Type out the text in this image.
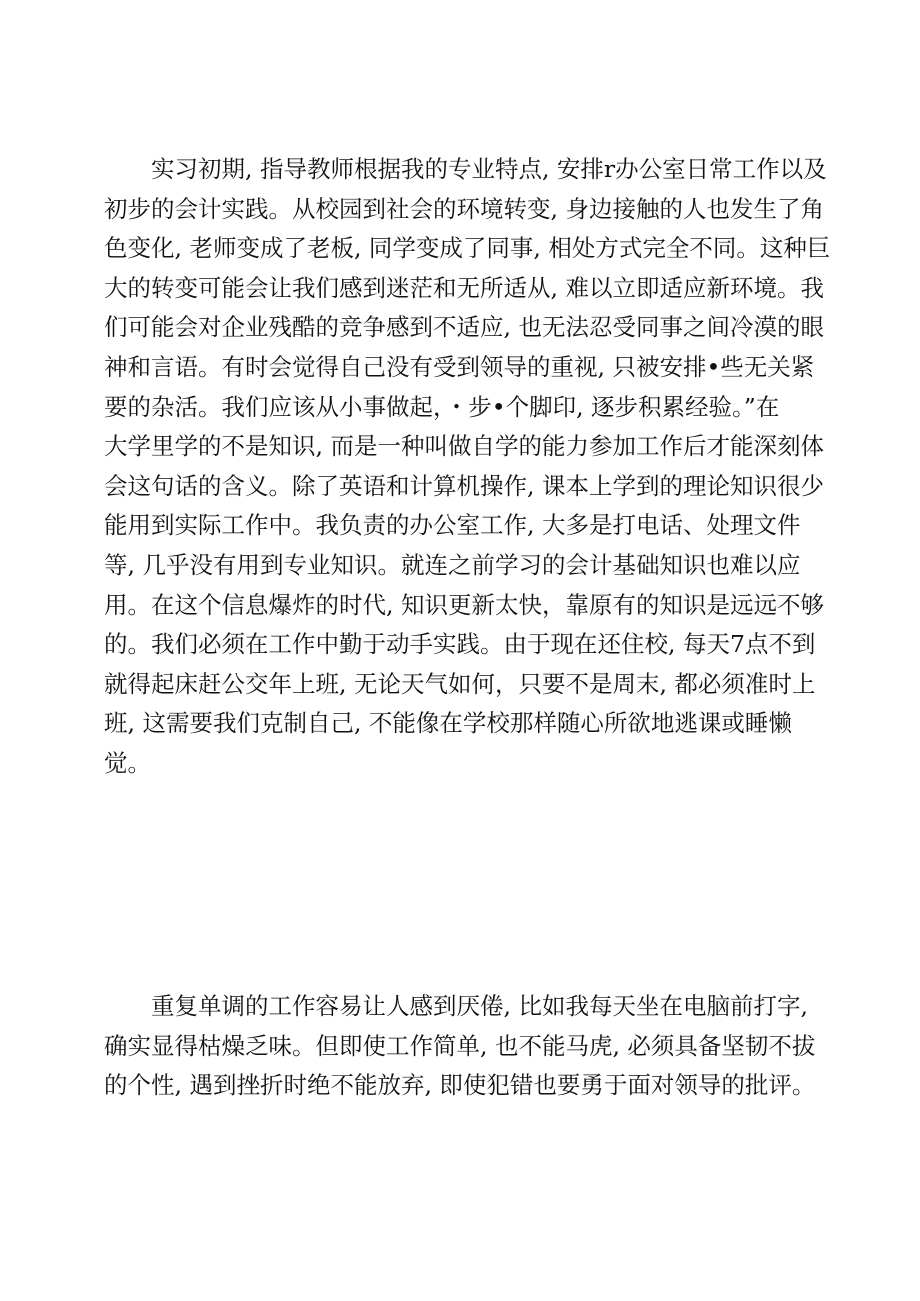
　　实习初期, 指导教师根据我的专业特点, 安排r办公室日常工作以及
初步的会计实践。从校园到社会的环境转变, 身边接触的人也发生了角
色变化, 老师变成了老板, 同学变成了同事, 相处方式完全不同。这种巨
大的转变可能会让我们感到迷茫和无所适从, 难以立即适应新环境。我
们可能会对企业残酷的竞争感到不适应, 也无法忍受同事之间冷漠的眼
神和言语。有时会觉得自己没有受到领导的重视, 只被安排•些无关紧
要的杂活。我们应该从小事做起，・步•个脚印, 逐步积累经验。”在
大学里学的不是知识, 而是一种叫做自学的能力参加工作后才能深刻体
会这句话的含义。除了英语和计算机操作, 课本上学到的理论知识很少
能用到实际工作中。我负责的办公室工作, 大多是打电话、处理文件
等, 几乎没有用到专业知识。就连之前学习的会计基础知识也难以应
用。在这个信息爆炸的时代, 知识更新太快，靠原有的知识是远远不够
的。我们必须在工作中勤于动手实践。由于现在还住校, 每天7点不到
就得起床赶公交年上班, 无论天气如何，只要不是周末, 都必须准时上
班, 这需要我们克制自己, 不能像在学校那样随心所欲地逃课或睡懒
觉。
　　重复单调的工作容易让人感到厌倦, 比如我每天坐在电脑前打字,
确实显得枯燥乏味。但即使工作简单, 也不能马虎, 必须具备坚韧不拔
的个性, 遇到挫折时绝不能放弃, 即使犯错也要勇于面对领导的批评。
